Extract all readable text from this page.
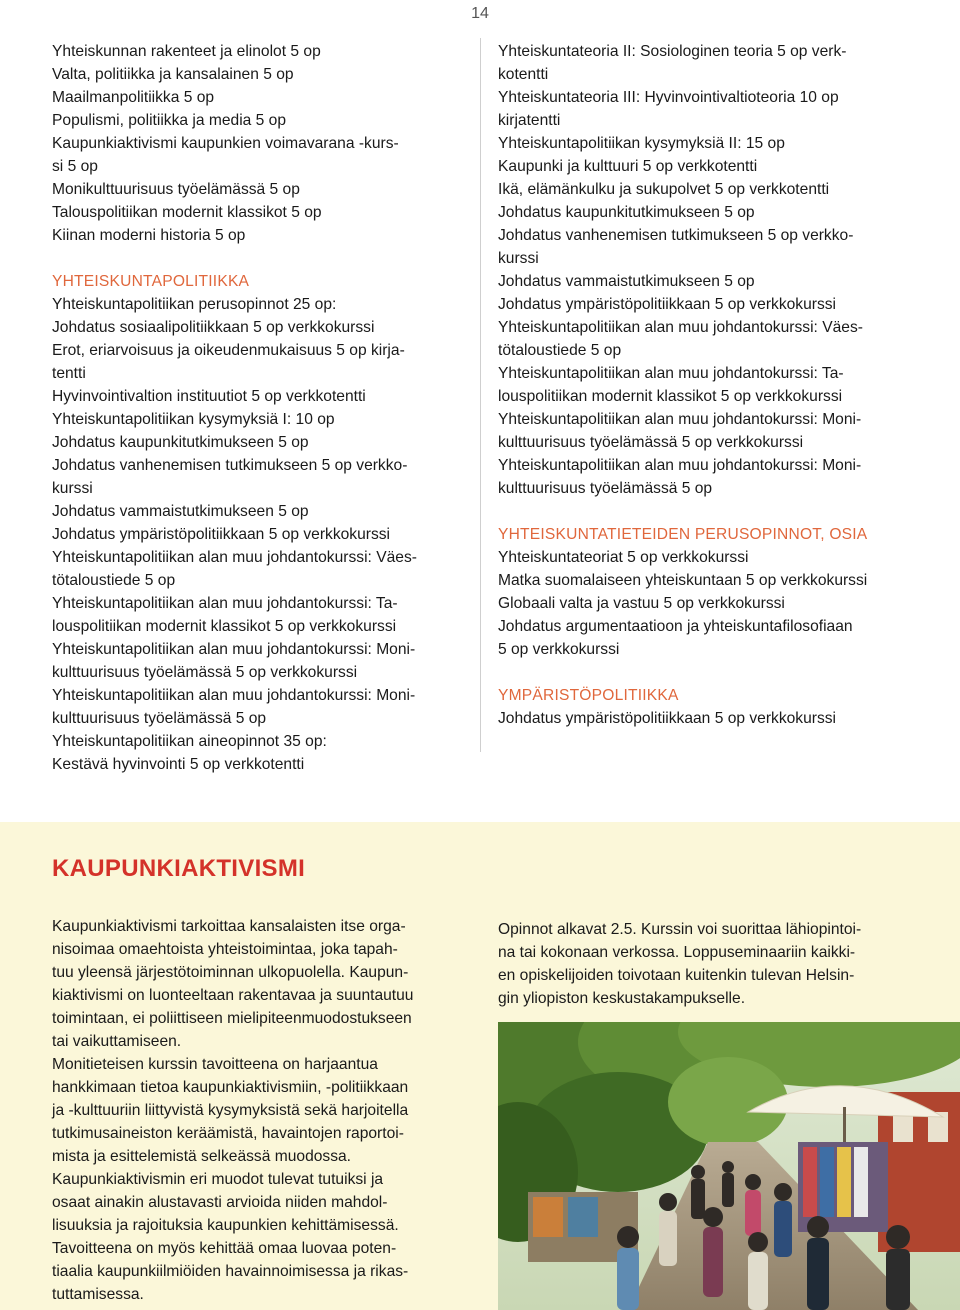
14
Yhteiskunnan rakenteet ja elinolot 5 op
Valta, politiikka ja kansalainen 5 op
Maailmanpolitiikka 5 op
Populismi, politiikka ja media 5 op
Kaupunkiaktivismi kaupunkien voimavarana -kurs-
si 5 op
Monikulttuurisuus työelämässä 5 op
Talouspolitiikan modernit klassikot 5 op
Kiinan moderni historia 5 op
YHTEISKUNTAPOLITIIKKA
Yhteiskuntapolitiikan perusopinnot 25 op:
Johdatus sosiaalipolitiikkaan 5 op verkkokurssi
Erot, eriarvoisuus ja oikeudenmukaisuus 5 op kirja-
tentti
Hyvinvointivaltion instituutiot 5 op verkkotentti
Yhteiskuntapolitiikan kysymyksiä I: 10 op
Johdatus kaupunkitutkimukseen 5 op
Johdatus vanhenemisen tutkimukseen 5 op verkko-
kurssi
Johdatus vammaistutkimukseen 5 op
Johdatus ympäristöpolitiikkaan 5 op verkkokurssi
Yhteiskuntapolitiikan alan muu johdantokurssi: Väes-
tötaloustiede 5 op
Yhteiskuntapolitiikan alan muu johdantokurssi: Ta-
louspolitiikan modernit klassikot 5 op verkkokurssi
Yhteiskuntapolitiikan alan muu johdantokurssi: Moni-
kulttuurisuus työelämässä 5 op verkkokurssi
Yhteiskuntapolitiikan alan muu johdantokurssi: Moni-
kulttuurisuus työelämässä 5 op
Yhteiskuntapolitiikan aineopinnot 35 op:
Kestävä hyvinvointi 5 op verkkotentti
Yhteiskuntateoria II: Sosiologinen teoria 5 op verk-
kotentti
Yhteiskuntateoria III: Hyvinvointivaltioteoria 10 op
kirjatentti
Yhteiskuntapolitiikan kysymyksiä II: 15 op
Kaupunki ja kulttuuri 5 op verkkotentti
Ikä, elämänkulku ja sukupolvet 5 op verkkotentti
Johdatus kaupunkitutkimukseen 5 op
Johdatus vanhenemisen tutkimukseen 5 op verkko-
kurssi
Johdatus vammaistutkimukseen 5 op
Johdatus ympäristöpolitiikkaan 5 op verkkokurssi
Yhteiskuntapolitiikan alan muu johdantokurssi: Väes-
tötaloustiede 5 op
Yhteiskuntapolitiikan alan muu johdantokurssi: Ta-
louspolitiikan modernit klassikot 5 op verkkokurssi
Yhteiskuntapolitiikan alan muu johdantokurssi: Moni-
kulttuurisuus työelämässä 5 op verkkokurssi
Yhteiskuntapolitiikan alan muu johdantokurssi: Moni-
kulttuurisuus työelämässä 5 op
YHTEISKUNTATIETEIDEN PERUSOPINNOT, OSIA
Yhteiskuntateoriat 5 op verkkokurssi
Matka suomalaiseen yhteiskuntaan 5 op verkkokurssi
Globaali valta ja vastuu 5 op verkkokurssi
Johdatus argumentaatioon ja yhteiskuntafilosofiaan
5 op verkkokurssi
YMPÄRISTÖPOLITIIKKA
Johdatus ympäristöpolitiikkaan 5 op verkkokurssi
KAUPUNKIAKTIVISMI

Kaupunkiaktivismi tarkoittaa kansalaisten itse orga-
nisoimaa omaehtoista yhteistoimintaa, joka tapah-
tuu yleensä järjestötoiminnan ulkopuolella. Kaupun-
kiaktivismi on luonteeltaan rakentavaa ja suuntautuu
toimintaan, ei poliittiseen mielipiteenmuodostukseen
tai vaikuttamiseen.

Monitieteisen kurssin tavoitteena on harjaantua
hankkimaan tietoa kaupunkiaktivismiin, -politiikkaan
ja -kulttuuriin liittyvistä kysymyksistä sekä harjoitella
tutkimusaineiston keräämistä, havaintojen raportoi-
mista ja esittelemistä selkeässä muodossa.

Kaupunkiaktivismin eri muodot tulevat tutuiksi ja
osaat ainakin alustavasti arvioida niiden mahdol-
lisuuksia ja rajoituksia kaupunkien kehittämisessä.
Tavoitteena on myös kehittää omaa luovaa poten-
tiaalia kaupunkiilmiöiden havainnoimisessa ja rikas-
tuttamisessa.

Opinnot alkavat 2.5. Kurssin voi suorittaa lähiopintoi-
na tai kokonaan verkossa. Loppuseminaariin kaikki-
en opiskelijoiden toivotaan kuitenkin tulevan Helsin-
gin yliopiston keskustakampukselle.
